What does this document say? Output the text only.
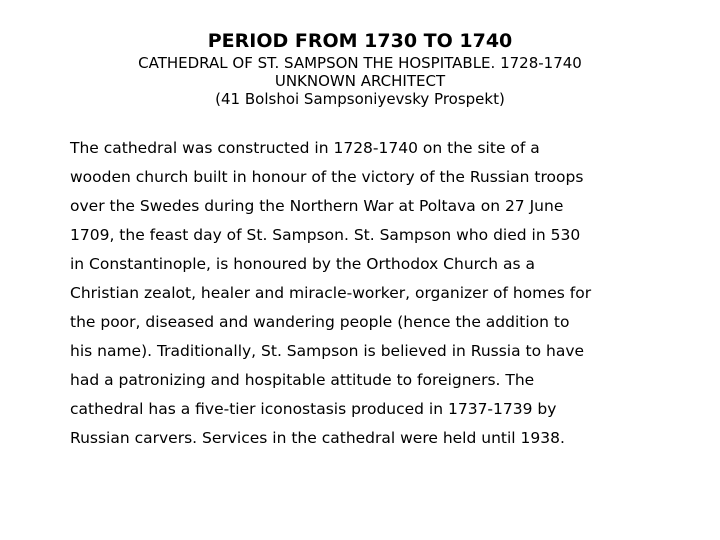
PERIOD FROM 1730 TO 1740

CATHEDRAL OF ST. SAMPSON THE HOSPITABLE. 1728-1740

UNKNOWN ARCHITECT

(41 Bolshoi Sampsoniyevsky Prospekt)

The cathedral was constructed in 1728-1740 on the site of a
wooden church built in honour of the victory of the Russian troops
over the Swedes during the Northern War at Poltava on 27 June
1709, the feast day of St. Sampson. St. Sampson who died in 530
in Constantinople, is honoured by the Orthodox Church as a
Christian zealot, healer and miracle-worker, organizer of homes for
the poor, diseased and wandering people (hence the addition to
his name). Traditionally, St. Sampson is believed in Russia to have
had a patronizing and hospitable attitude to foreigners. The
cathedral has a five-tier iconostasis produced in 1737-1739 by
Russian carvers. Services in the cathedral were held until 1938.
